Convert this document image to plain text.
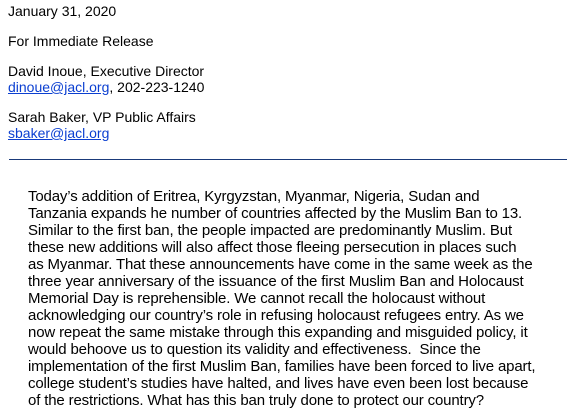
January 31, 2020
For Immediate Release
David Inoue, Executive Director
dinoue@jacl.org, 202-223-1240
Sarah Baker, VP Public Affairs
sbaker@jacl.org
Today’s addition of Eritrea, Kyrgyzstan, Myanmar, Nigeria, Sudan and
Tanzania expands he number of countries affected by the Muslim Ban to 13.
Similar to the first ban, the people impacted are predominantly Muslim. But
these new additions will also affect those fleeing persecution in places such
as Myanmar. That these announcements have come in the same week as the
three year anniversary of the issuance of the first Muslim Ban and Holocaust
Memorial Day is reprehensible. We cannot recall the holocaust without
acknowledging our country’s role in refusing holocaust refugees entry. As we
now repeat the same mistake through this expanding and misguided policy, it
would behoove us to question its validity and effectiveness.  Since the
implementation of the first Muslim Ban, families have been forced to live apart,
college student’s studies have halted, and lives have even been lost because
of the restrictions. What has this ban truly done to protect our country?
